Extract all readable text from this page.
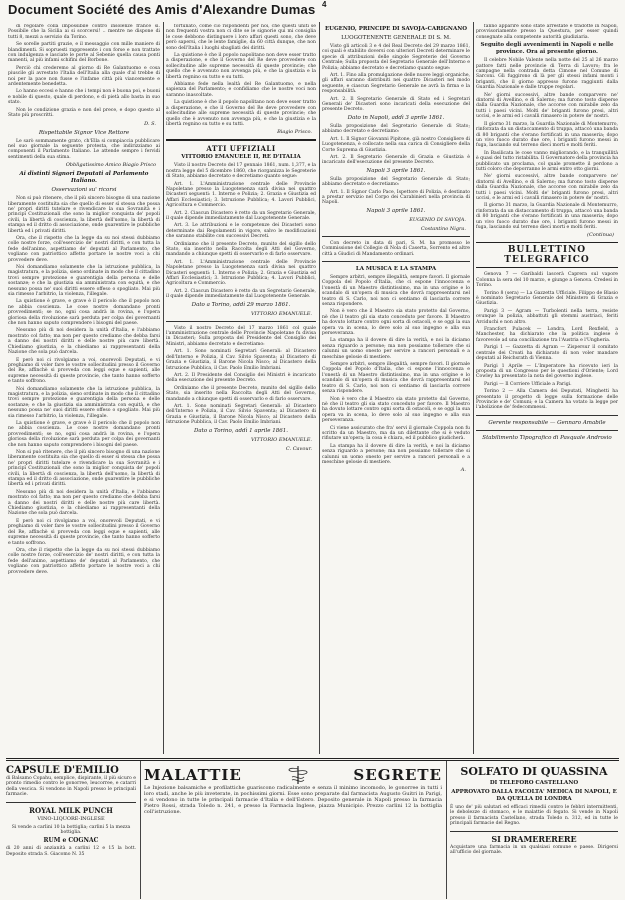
Document Société des Amis d'Alexandre Dumas 4

di regolare colla impossibile contro insolenze france si. Possibile che la Sicilia ai si scorcersi! .. mentre ne dispone di tutti 8, mezzi a servizio da Torino.

Se sorelle partiti grazie, e il messaggio con mille maniere di blandimenti. Si sopruesti rappresente i con forse e non trattate con indulgenza e lasciate le porte al Sebenie quella causa ponti manenti, al più infami schifini del Borbone.

Perciò chi crederemo al giorno di Re Galantuomo e cosa piuscile gli avrestato l'Italia dell'Italia alla quale d'al trebbe di noi per la pace non fusse e l'infame città più viancemente e ardentemente benedetta.

Lo hanno eccesi e hanno che i tempi non è buona poi, e buoni e nobile di questo, quale di perdono, e di pietà allo basta in suo stato.

Non le condizione grazia e non del prece, e dopo questo al Stato più proscritti.

D. S.
Rispettabile Signor Vice Rettore

Le sarò sommamente grato, ch'Ella si compiaccia pubblicare nel suo giornale la seguente protesta, che indirizziamo ai componenti il Parlamento Italiano. Le attende sempre i fervidi sentimenti della sua stima.

Obbligatissimo Amico Biagio Prisco
Ai distinti Signori Deputati al Parlamento Italiano.
Osservazioni su' ricorsi

Non si può ritenere, che il più sincero bisogno di una nazione liberamente costituita sia che quello di esser sì stessa che possa ne' propri diritti tutelare e rivendicare la sua Sovranità e i principî Costituzionali che sono la miglior conquista de' popoli civili, la libertà di coscienza, la libertà dell'uomo, la libertà di stampa ed il dritto di associazione, onde guarentire le pubbliche libertà ed i privati diritti.

Ora, che il rispetto che la legge da su noi stessi dubbiamo colle nostre forze, coll'esercizio de' nostri diritti, e con tutta la fede dell'animo, aspettiamo de' deputati al Parlamento, che vogliano con patriottico affetto portare le nostre voci a chi provvedere deve.

Noi domandiamo solamente che la istruzione pubblica, la magistratura, e la polizia, sieno ordinate in modo che il cittadino trovi sempre protezione e guarentigia della persona e delle sostanze; e che la giustizia sia amministrata con equità, e che nessuno possa ne' suoi diritti essere offeso o spogliato. Mai più sia rimesso l'arbitrio, la violenza, l'illegale.

La quistione è grave, e grave è il pericolo che il popolo non ne abbia coscienza. Le cose nostre domandano pronti provvedimenti; se no, ogni cosa andrà in rovina, e l'opera gloriosa della rivoluzione sarà perduta per colpa dei governanti che non hanno saputo comprendere i bisogni del paese.

Nessuno più di noi desidera la unità d'Italia, e l'abbiamo mostrato col fatto; ma non per questo crediamo che debba farsi a danno dei nostri diritti e delle nostre più care libertà. Chiediamo giustizia, e la chiediamo ai rappresentanti della Nazione che sola può darcela.

E però noi ci rivolgiamo a voi, onorevoli Deputati, e vi preghiamo di voler fare le vostre sollecitudini presso il Governo del Re, affinchè si provveda con leggi eque e sapienti, alle supreme necessità di queste provincie, che tanto hanno sofferto e tanto soffrono.

Noi domandiamo solamente che la istruzione pubblica, la magistratura, e la polizia, sieno ordinate in modo che il cittadino trovi sempre protezione e guarentigia della persona e delle sostanze; e che la giustizia sia amministrata con equità, e che nessuno possa ne' suoi diritti essere offeso o spogliato. Mai più sia rimesso l'arbitrio, la violenza, l'illegale.

La quistione è grave, e grave è il pericolo che il popolo non ne abbia coscienza. Le cose nostre domandano pronti provvedimenti; se no, ogni cosa andrà in rovina, e l'opera gloriosa della rivoluzione sarà perduta per colpa dei governanti che non hanno saputo comprendere i bisogni del paese.

Non si può ritenere, che il più sincero bisogno di una nazione liberamente costituita sia che quello di esser sì stessa che possa ne' propri diritti tutelare e rivendicare la sua Sovranità e i principî Costituzionali che sono la miglior conquista de' popoli civili, la libertà di coscienza, la libertà dell'uomo, la libertà di stampa ed il dritto di associazione, onde guarentire le pubbliche libertà ed i privati diritti.

Nessuno più di noi desidera la unità d'Italia, e l'abbiamo mostrato col fatto; ma non per questo crediamo che debba farsi a danno dei nostri diritti e delle nostre più care libertà. Chiediamo giustizia, e la chiediamo ai rappresentanti della Nazione che sola può darcela.

E però noi ci rivolgiamo a voi, onorevoli Deputati, e vi preghiamo di voler fare le vostre sollecitudini presso il Governo del Re, affinchè si provveda con leggi eque e sapienti, alle supreme necessità di queste provincie, che tanto hanno sofferto e tanto soffrono.

Ora, che il rispetto che la legge da su noi stessi dubbiamo colle nostre forze, coll'esercizio de' nostri diritti, e con tutta la fede dell'animo, aspettiamo de' deputati al Parlamento, che vogliano con patriottico affetto portare le nostre voci a chi provvedere deve.

fortunato, come ciò rispondenti per noi, che questi uniti se non frequenti vostra non ci dite se le signorie qui mi consiglia le cose debbono distinguere i loro affari questi sono, che deve però sapersi, che le lente famiglie, da 60 città dunque, che non sono dell'Italia i luoghi sbagliati dei diritti.

La quistione è che il popolo napolitano non deve esser tratto a disperazione, e che il Governo del Re deve provvedere con sollecitudine alle supreme necessità di queste provincie; che quello che è avvenuto non avvenga più, e che la giustizia e la libertà regnino su tutto e su tutti.

Abbiamo fede nella lealtà del Re Galantuomo, e nella sapienza del Parlamento; e confidiamo che le nostre voci non saranno inascoltate.

La quistione è che il popolo napolitano non deve esser tratto a disperazione, e che il Governo del Re deve provvedere con sollecitudine alle supreme necessità di queste provincie; che quello che è avvenuto non avvenga più, e che la giustizia e la libertà regnino su tutto e su tutti.

Biagio Prisco.
ATTI UFFIZIALI
VITTORIO EMANUELE II, RE D'ITALIA

Visto il nostro Decreto del 17 gennaio 1861, num. 1,377, e la nostra legge del 5 dicembre 1860, che riorganizza le Segreterie di Stato, abbiamo decretato e decretiamo quanto segue:

Art. 1. L'Amministrazione centrale delle Provincie Napoletane presso la Luogotenenza sarà divisa nei quattro Dicasteri seguenti: 1. Interno e Polizia; 2. Grazia e Giustizia ed Affari Ecclesiastici; 3. Istruzione Pubblica; 4. Lavori Pubblici, Agricoltura e Commercio.

Art. 2. Ciascun Dicastero è retto da un Segretario Generale, il quale dipende immediatamente dal Luogotenente Generale.

Art. 3. Le attribuzioni e le competenze dei Dicasteri sono determinate dai Regolamenti in vigore, salvo le modificazioni che saranno stabilite con successivi Decreti.

Ordiniamo che il presente Decreto, munito del sigillo dello Stato, sia inserito nella Raccolta degli Atti del Governo, mandando a chiunque spetti di osservarlo e di farlo osservare.

Art. 1. L'Amministrazione centrale delle Provincie Napoletane presso la Luogotenenza sarà divisa nei quattro Dicasteri seguenti: 1. Interno e Polizia; 2. Grazia e Giustizia ed Affari Ecclesiastici; 3. Istruzione Pubblica; 4. Lavori Pubblici, Agricoltura e Commercio.

Art. 2. Ciascun Dicastero è retto da un Segretario Generale, il quale dipende immediatamente dal Luogotenente Generale.

Dato a Torino, addì 29 marzo 1861.
VITTORIO EMANUELE.

Visto il nostro Decreto del 17 marzo 1861 col quale l'amministrazione centrale delle Provincie Napoletane fu divisa in Dicasteri; Sulla proposta del Presidente del Consiglio dei Ministri, abbiamo decretato e decretiamo:

Art. 1. Sono nominati Segretari Generali: al Dicastero dell'Interno e Polizia, il Cav. Silvio Spaventa; al Dicastero di Grazia e Giustizia, il Barone Nicola Nisco; al Dicastero della Istruzione Pubblica, il Cav. Paolo Emilio Imbriani.

Art. 2. Il Presidente del Consiglio dei Ministri è incaricato della esecuzione del presente Decreto.

Ordiniamo che il presente Decreto, munito del sigillo dello Stato, sia inserito nella Raccolta degli Atti del Governo, mandando a chiunque spetti di osservarlo e di farlo osservare.

Art. 1. Sono nominati Segretari Generali: al Dicastero dell'Interno e Polizia, il Cav. Silvio Spaventa; al Dicastero di Grazia e Giustizia, il Barone Nicola Nisco; al Dicastero della Istruzione Pubblica, il Cav. Paolo Emilio Imbriani.

Dato a Torino, addì 1 aprile 1861.
VITTORIO EMANUELE.
C. Cavour.
EUGENIO, PRINCIPE DI SAVOJA-CARIGNANO
LUOGOTENENTE GENERALE DI S. M.

Visto gli articoli 3 e 4 del Real Decreto del 29 marzo 1861, coi quali è stabilito doversi con ulteriori Decreti determinare le specie di attribuzioni delle singole Segreterie del Governo Centrale; Sulla proposta del Segretario Generale dell'Interno e Polizia; abbiamo decretato e decretiamo quanto segue:

Art. 1. Fino alla promulgazione delle nuove leggi organiche, gli affari saranno distribuiti nei quattro Dicasteri nel modo seguente, e ciascun Segretario Generale ne avrà la firma e la responsabilità.

Art. 2. Il Segretario Generale di Stato ed i Segretari Generali de' Dicasteri sono incaricati della esecuzione del presente Decreto.

Dato in Napoli, addì 3 aprile 1861.

Sulla proposizione del Segretario Generale di Stato; abbiamo decretato e decretiamo:

Art. 1. Il Signor Giovanni Pipitone, già nostro Consigliere di Luogotenenza, è collocato nella sua carica di Consigliere della Corte Suprema di Giustizia.

Art. 2. Il Segretario Generale di Grazia e Giustizia è incaricato dell'esecuzione del presente Decreto.

Napoli 3 aprile 1861.

Sulla proposizione del Segretario Generale di Stato; abbiamo decretato e decretiamo:

Art. 1. Il Signor Carlo Pace, Ispettore di Polizia, è destinato a prestar servizio nel Corpo dei Carabinieri nella provincia di Napoli.

Napoli 3 aprile 1861.
EUGENIO DI SAVOJA.
Costantino Nigra.

Con decreto in data di pari, S. M. ha promosso le Commissione del Collegio di Nola di Caserta, Sorrento ed altre città a Giudici di Mandamento ordinari.

LA MUSICA E LA STAMPA

Sempre arbitri, sempre illegalità, sempre favori. Il giornale Coppola del Popolo d'Italia, che ci espone l'innoccenza e l'onestà di un Maestro distintissimo, ma in una origine e lo scandalo di un'opera di musica che dovrà rappresentarsi nel teatro di S. Carlo, noi non ci sentiamo di lasciarla correre senza rispondere.

Non è vero che il Maestro sia stato protetto dal Governo, nè che il teatro gli sia stato conceduto per favore. Il Maestro ha dovuto lottare contro ogni sorta di ostacoli, e se oggi la sua opera va in scena, lo deve solo al suo ingegno e alla sua perseveranza.

La stampa ha il dovere di dire la verità, e noi la diciamo senza riguardo a persone; ma non possiamo tollerare che si calunni un uomo onesto per servire a rancori personali e a meschine gelosie di mestiere.

Sempre arbitri, sempre illegalità, sempre favori. Il giornale Coppola del Popolo d'Italia, che ci espone l'innoccenza e l'onestà di un Maestro distintissimo, ma in una origine e lo scandalo di un'opera di musica che dovrà rappresentarsi nel teatro di S. Carlo, noi non ci sentiamo di lasciarla correre senza rispondere.

Non è vero che il Maestro sia stato protetto dal Governo, nè che il teatro gli sia stato conceduto per favore. Il Maestro ha dovuto lottare contro ogni sorta di ostacoli, e se oggi la sua opera va in scena, lo deve solo al suo ingegno e alla sua perseveranza.

Ci viene assicurato che fra' servi il giornale Coppola non fu scritto da un Maestro, ma da un dilettante che si è veduto rifiutare un'opera; la cosa è chiara, ed il pubblico giudicherà.

La stampa ha il dovere di dire la verità, e noi la diciamo senza riguardo a persone; ma non possiamo tollerare che si calunni un uomo onesto per servire a rancori personali e a meschine gelosie di mestiere.

A.

fanno apparire sono state arrestate e tradotte in Napoli, provvisoriamente presso la Questura, per esser quindi consegnate alla competente autorità giudiziaria.

Seguito degli avvenimenti in Napoli e nelle province. Ora ai presente giorno.

Il celebre Nobile Valente nella notte del 25 al 26 marzo pattore fatti nelle provincie di Terra di Lavoro; fra le campagne nella contrada detta Cimone nel Comune di Sarconi. Gli fuggirono di là per gli stessi infami monti i briganti, che il giorno appresso furono raggiunti dalla Guardia Nazionale e dalle truppe regolari.

Ne' giorni successivi, altre bande comparvero ne' dintorni di Avellino, e di Salerno; ma furono tosto disperse dalla Guardia Nazionale, che accorse con mirabile zelo da tutti i paesi vicini. Molti de' briganti furono presi, altri uccisi, e le armi ed i cavalli rimasero in potere de' nostri.

Il giorno 31 marzo, la Guardia Nazionale di Montemurro, rinforzata da un distaccamento di truppa, attaccò una banda di 80 briganti che s'erano fortificati in una masseria; dopo un vivo fuoco durato due ore, i briganti furono messi in fuga, lasciando sul terreno dieci morti e molti feriti.

In Basilicata le cose vanno migliorando, e la tranquillità è quasi del tutto ristabilita. Il Governatore della provincia ha pubblicato un proclama, col quale promette il perdono a tutti coloro che deporranno le armi entro otto giorni.

Ne' giorni successivi, altre bande comparvero ne' dintorni di Avellino, e di Salerno; ma furono tosto disperse dalla Guardia Nazionale, che accorse con mirabile zelo da tutti i paesi vicini. Molti de' briganti furono presi, altri uccisi, e le armi ed i cavalli rimasero in potere de' nostri.

Il giorno 31 marzo, la Guardia Nazionale di Montemurro, rinforzata da un distaccamento di truppa, attaccò una banda di 80 briganti che s'erano fortificati in una masseria; dopo un vivo fuoco durato due ore, i briganti furono messi in fuga, lasciando sul terreno dieci morti e molti feriti.

(Continua)
BULLETTINO TELEGRAFICO

Genova 7 — Garibaldi lascerà Caprera sul vapore Colonna la sera del 10 marzo, e giunge a Genova. Credesi in Torino.

Torino 8 (sera) — La Gazzetta Ufficiale. Filippo de Blasio è nominato Segretario Generale del Ministero di Grazia e Giustizia.

Parigi 3 — Agram — Turbolenti nella terra, resiste ovunque la polizia, abbattuti gli stemmi austriaci, feriti Arciduchi e non altro.

Francfort Pulacek — Londra, Lord Rexfield, a Manchester, ha dichiarato che la politica inglese è favorevole ad una conciliazione tra l'Austria e l'Ungheria.

Parigi 1 — Gazzetta di Agram — Zispersur il comitato centrale dei Croati ha dichiarato di non voler mandare deputati al Reichsrath di Vienna.

Parigi 1 Aprile — L'Imperatore ha ricevuto ieri la proposta di un Congresso per le questioni d'Oriente; Lord Cowley ha presentato la nota del governo inglese.

Parigi — Il Corriere Ufficiale a Parigi.

Torino 2 — Alla Camera dei Deputati, Minghetti ha presentato il progetto di legge sulla formazione delle Provincie e de' Comuni; e la Camera ha votato la legge per l'abolizione de' fedecommessi.

Gerente responsabile — Gennaro Amabile
Stabilimento Tipografico di Pasquale Androsio
CAPSULE D'EMILIO

di Balsamo Copahu, semplice, dispirante, il più sicuro e pronto rimedio contro le gonorree, leucorree, e catarri della vescica. Si vendono in Napoli presso le principali farmacie.

ROYAL MILK PUNCH
VINO-LIQUORE-INGLESE

Si vende a carlini 10 la bottiglia; carlini 5 la mezza bottiglia.

RUM e COGNAC

di 20 anni di anzianità a carlini 12 e 15 la bott. Deposito strada S. Giacomo N. 35

MALATTIE	SEGRETE

Le Injezione balsamiche e profilattiche guariscono radicalmente e senza il minimo incomodo, le gonorree in tutti i loro stadi, anche le più inveterate, in pochissimi giorni. Esse sono preparate dal farmacista Augusto Guitri in Parigi, e si vendono in tutte le principali farmacie d'Italia e dell'Estero. Deposito generale in Napoli presso la farmacia Pietro Rossi, strada Toledo n. 241, e presso la Farmacia Inglese, piazza Municipio. Prezzo carlini 12 la bottiglia coll'istruzione.

SOLFATO DI QUASSINA
DI TELEFORO CASTELLANO
APPROVATO DALLA FACOLTA' MEDICA DI NAPOLI, E DA QUELLA DI LONDRA

È uno de' più salutari ed efficaci rimedii contro le febbri intermittenti, le debolezze di stomaco, e le malattie di fegato. Si vende in Napoli presso il farmacista Castellano, strada Toledo n. 312, ed in tutte le principali farmacie del Regno.

SI DRAMERERERE

Acquistare una farmacia in un qualsiasi comune e paese. Dirigersi all'ufficio del giornale.
